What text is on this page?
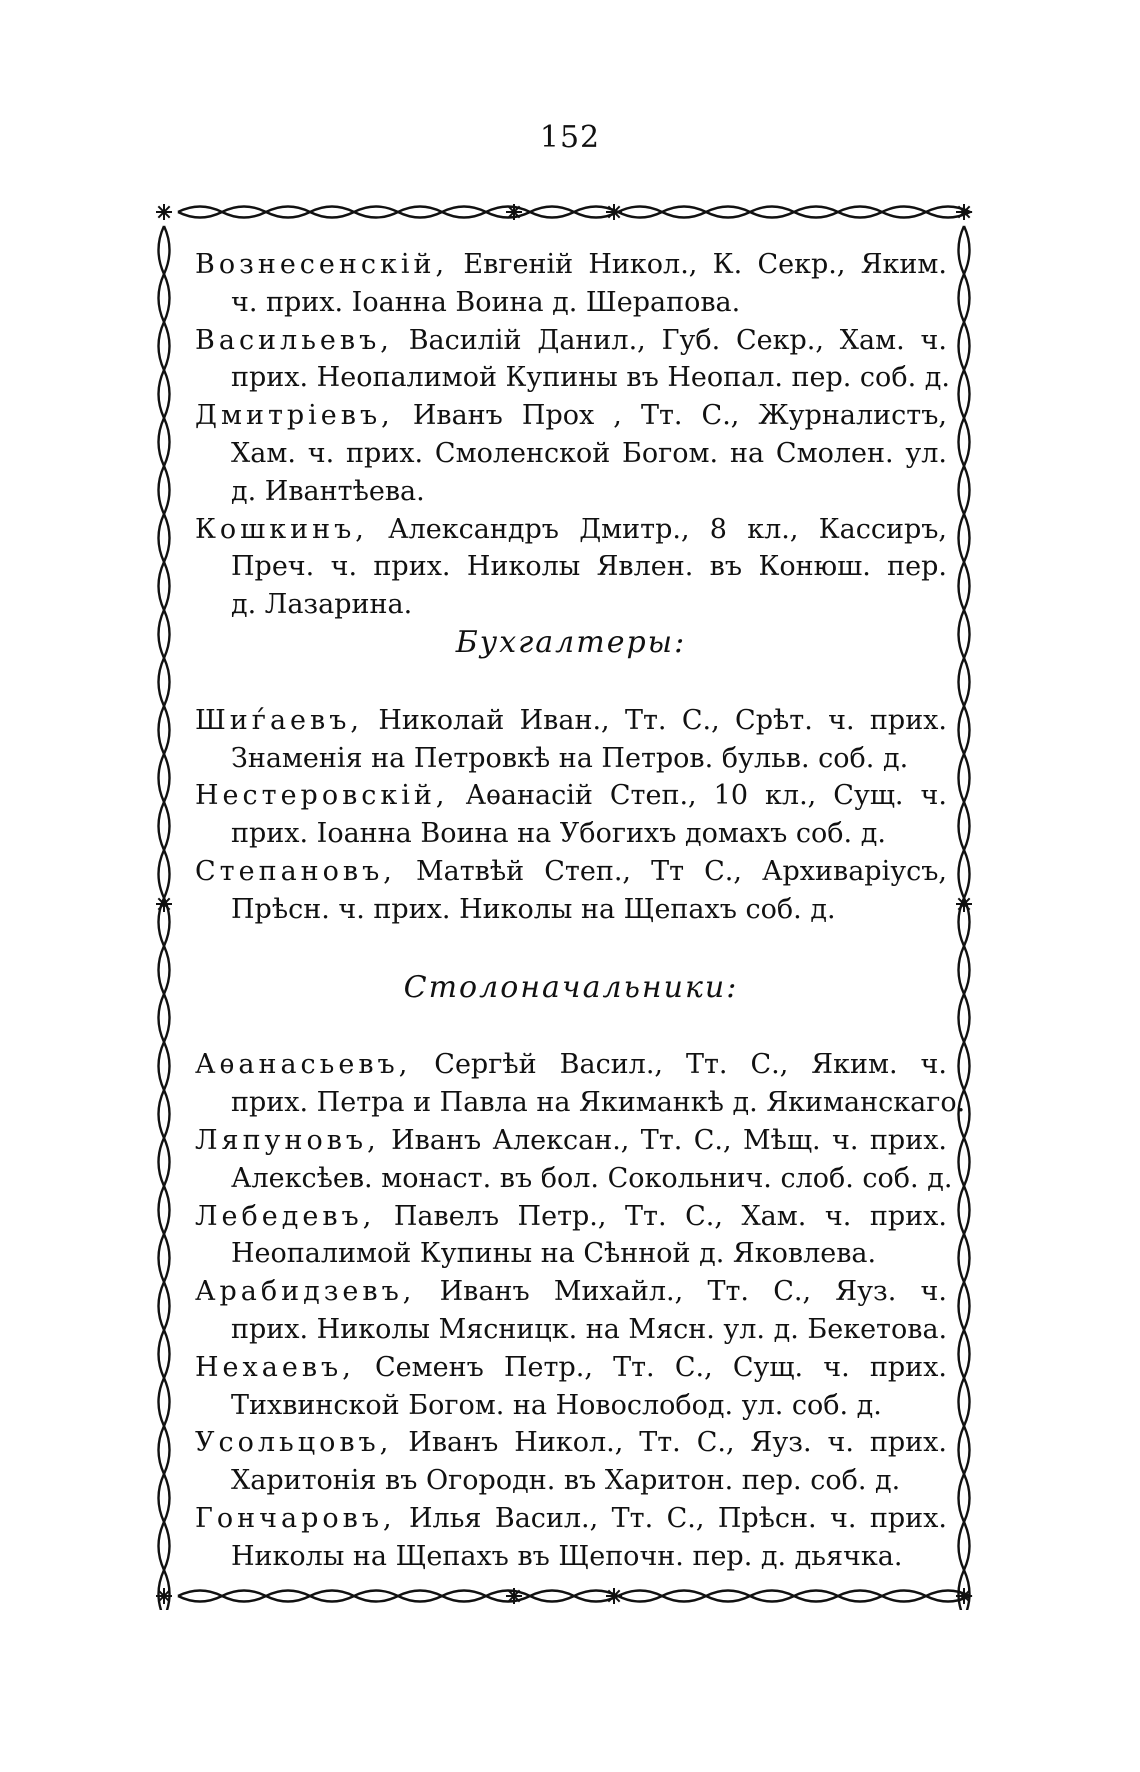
152
Вознесенскій, Евгеній Никол., К. Секр., Яким.
ч. прих. Іоанна Воина д. Шерапова.
Васильевъ, Василій Данил., Губ. Секр., Хам. ч.
прих. Неопалимой Купины въ Неопал. пер. соб. д.
Дмитріевъ, Иванъ Прох , Тт. С., Журналистъ,
Хам. ч. прих. Смоленской Богом. на Смолен. ул.
д. Ивантѣева.
Кошкинъ, Александръ Дмитр., 8 кл., Кассиръ,
Преч. ч. прих. Николы Явлен. въ Конюш. пер.
д. Лазарина.
Бухгалтеры:
Шиѓаевъ, Николай Иван., Тт. С., Срѣт. ч. прих.
Знаменія на Петровкѣ на Петров. бульв. соб. д.
Нестеровскій, Аѳанасій Степ., 10 кл., Сущ. ч.
прих. Іоанна Воина на Убогихъ домахъ соб. д.
Степановъ, Матвѣй Степ., Тт С., Архиваріусъ,
Прѣсн. ч. прих. Николы на Щепахъ соб. д.
Столоначальники:
Аѳанасьевъ, Сергѣй Васил., Тт. С., Яким. ч.
прих. Петра и Павла на Якиманкѣ д. Якиманскаго.
Ляпуновъ, Иванъ Алексан., Тт. С., Мѣщ. ч. прих.
Алексѣев. монаст. въ бол. Сокольнич. слоб. соб. д.
Лебедевъ, Павелъ Петр., Тт. С., Хам. ч. прих.
Неопалимой Купины на Сѣнной д. Яковлева.
Арабидзевъ, Иванъ Михайл., Тт. С., Яуз. ч.
прих. Николы Мясницк. на Мясн. ул. д. Бекетова.
Нехаевъ, Семенъ Петр., Тт. С., Сущ. ч. прих.
Тихвинской Богом. на Новослобод. ул. соб. д.
Усольцовъ, Иванъ Никол., Тт. С., Яуз. ч. прих.
Харитонія въ Огородн. въ Харитон. пер. соб. д.
Гончаровъ, Илья Васил., Тт. С., Прѣсн. ч. прих.
Николы на Щепахъ въ Щепочн. пер. д. дьячка.
